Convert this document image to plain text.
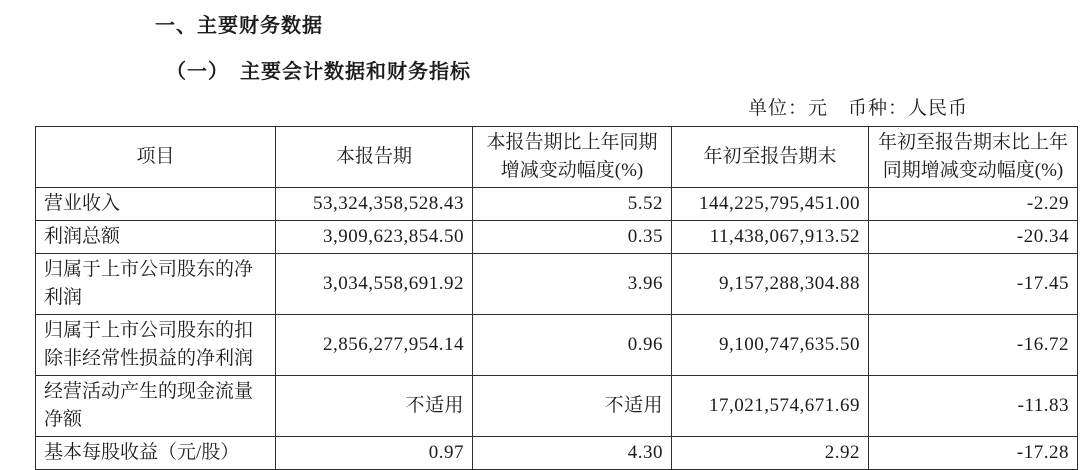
一、主要财务数据
（一）　主要会计数据和财务指标
单位：元　币种：人民币
项目	本报告期	本报告期比上年同期增减变动幅度(%)	年初至报告期末	年初至报告期末比上年同期增减变动幅度(%)
营业收入	53,324,358,528.43	5.52	144,225,795,451.00	-2.29
利润总额	3,909,623,854.50	0.35	11,438,067,913.52	-20.34
归属于上市公司股东的净利润	3,034,558,691.92	3.96	9,157,288,304.88	-17.45
归属于上市公司股东的扣除非经常性损益的净利润	2,856,277,954.14	0.96	9,100,747,635.50	-16.72
经营活动产生的现金流量净额	不适用	不适用	17,021,574,671.69	-11.83
基本每股收益（元/股）	0.97	4.30	2.92	-17.28
